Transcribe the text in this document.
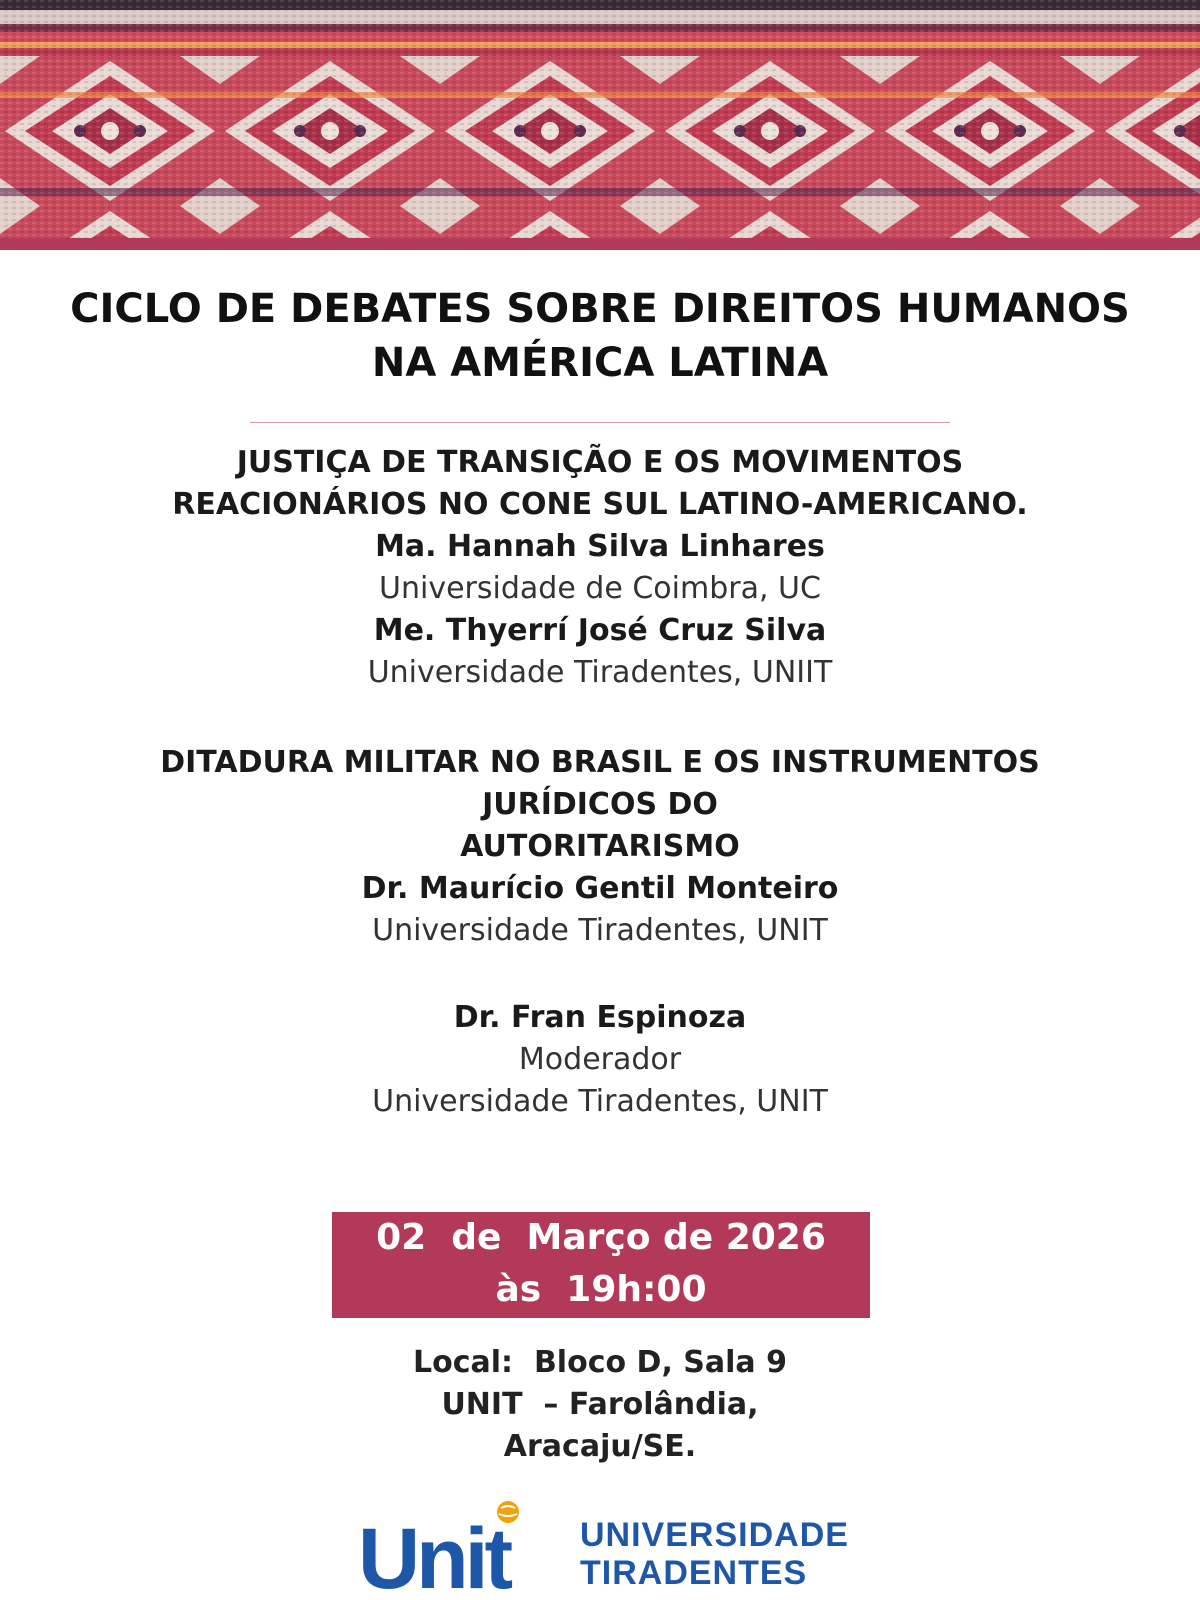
CICLO DE DEBATES SOBRE DIREITOS HUMANOS
NA AMÉRICA LATINA
JUSTIÇA DE TRANSIÇÃO E OS MOVIMENTOS
REACIONÁRIOS NO CONE SUL LATINO-AMERICANO.
Ma. Hannah Silva Linhares
Universidade de Coimbra, UC
Me. Thyerrí José Cruz Silva
Universidade Tiradentes, UNIIT
DITADURA MILITAR NO BRASIL E OS INSTRUMENTOS
JURÍDICOS DO
AUTORITARISMO
Dr. Maurício Gentil Monteiro
Universidade Tiradentes, UNIT
Dr. Fran Espinoza
Moderador
Universidade Tiradentes, UNIT
02  de  Março de 2026
às  19h:00
Local:  Bloco D, Sala 9
UNIT  – Farolândia,
Aracaju/SE.
Unit UNIVERSIDADE
TIRADENTES
